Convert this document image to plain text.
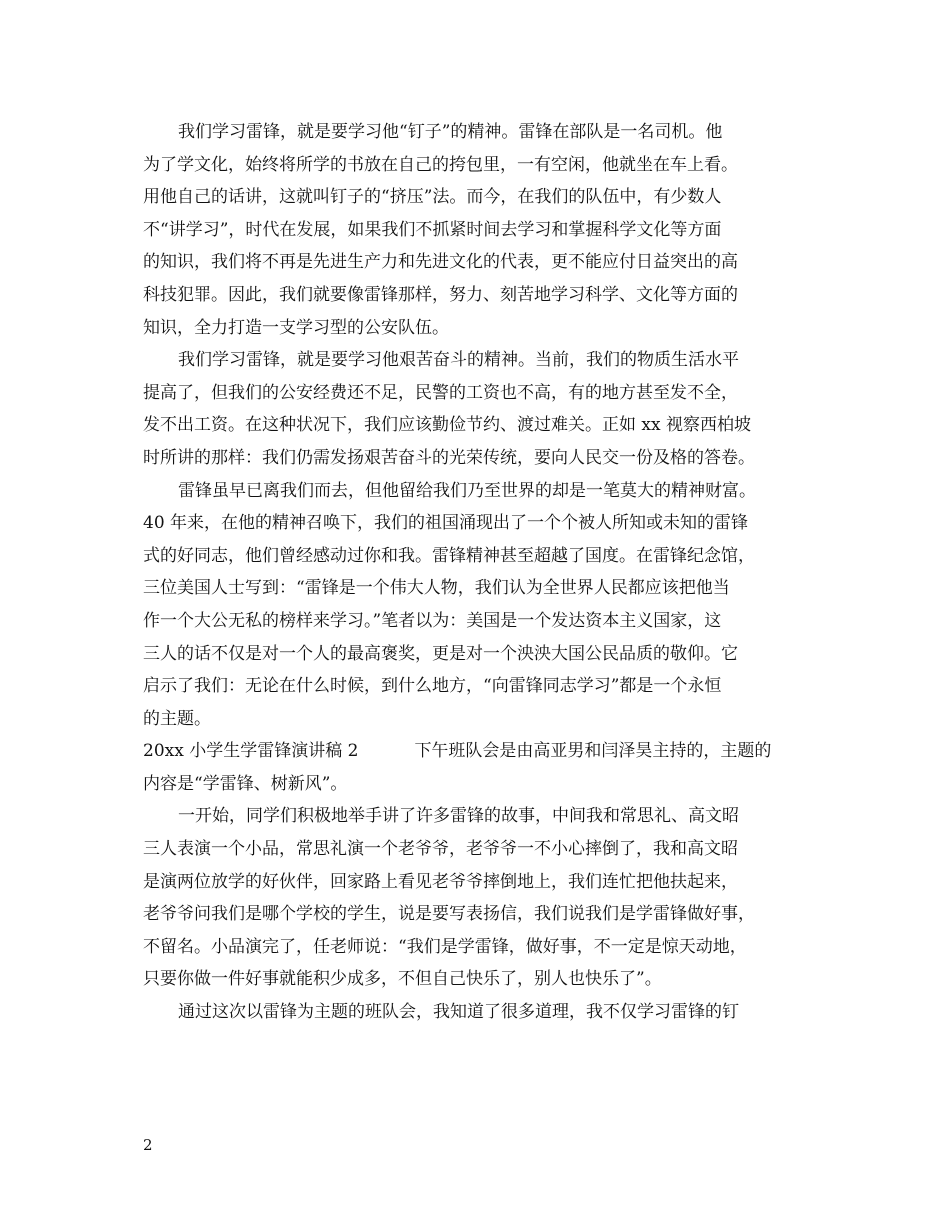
我们学习雷锋，就是要学习他“钉子”的精神。雷锋在部队是一名司机。他
为了学文化，始终将所学的书放在自己的挎包里，一有空闲，他就坐在车上看。
用他自己的话讲，这就叫钉子的“挤压”法。而今，在我们的队伍中，有少数人
不“讲学习”，时代在发展，如果我们不抓紧时间去学习和掌握科学文化等方面
的知识，我们将不再是先进生产力和先进文化的代表，更不能应付日益突出的高
科技犯罪。因此，我们就要像雷锋那样，努力、刻苦地学习科学、文化等方面的
知识，全力打造一支学习型的公安队伍。
我们学习雷锋，就是要学习他艰苦奋斗的精神。当前，我们的物质生活水平
提高了，但我们的公安经费还不足，民警的工资也不高，有的地方甚至发不全，
发不出工资。在这种状况下，我们应该勤俭节约、渡过难关。正如 xx 视察西柏坡
时所讲的那样：我们仍需发扬艰苦奋斗的光荣传统，要向人民交一份及格的答卷。
雷锋虽早已离我们而去，但他留给我们乃至世界的却是一笔莫大的精神财富。
40 年来，在他的精神召唤下，我们的祖国涌现出了一个个被人所知或未知的雷锋
式的好同志，他们曾经感动过你和我。雷锋精神甚至超越了国度。在雷锋纪念馆，
三位美国人士写到：“雷锋是一个伟大人物，我们认为全世界人民都应该把他当
作一个大公无私的榜样来学习。”笔者以为：美国是一个发达资本主义国家，这
三人的话不仅是对一个人的最高褒奖，更是对一个泱泱大国公民品质的敬仰。它
启示了我们：无论在什么时候，到什么地方，“向雷锋同志学习”都是一个永恒
的主题。
20xx 小学生学雷锋演讲稿 2	下午班队会是由高亚男和闫泽昊主持的，主题的
内容是“学雷锋、树新风”。
一开始，同学们积极地举手讲了许多雷锋的故事，中间我和常思礼、高文昭
三人表演一个小品，常思礼演一个老爷爷，老爷爷一不小心摔倒了，我和高文昭
是演两位放学的好伙伴，回家路上看见老爷爷摔倒地上，我们连忙把他扶起来，
老爷爷问我们是哪个学校的学生，说是要写表扬信，我们说我们是学雷锋做好事，
不留名。小品演完了，任老师说：“我们是学雷锋，做好事，不一定是惊天动地，
只要你做一件好事就能积少成多，不但自己快乐了，别人也快乐了”。
通过这次以雷锋为主题的班队会，我知道了很多道理，我不仅学习雷锋的钉
2
